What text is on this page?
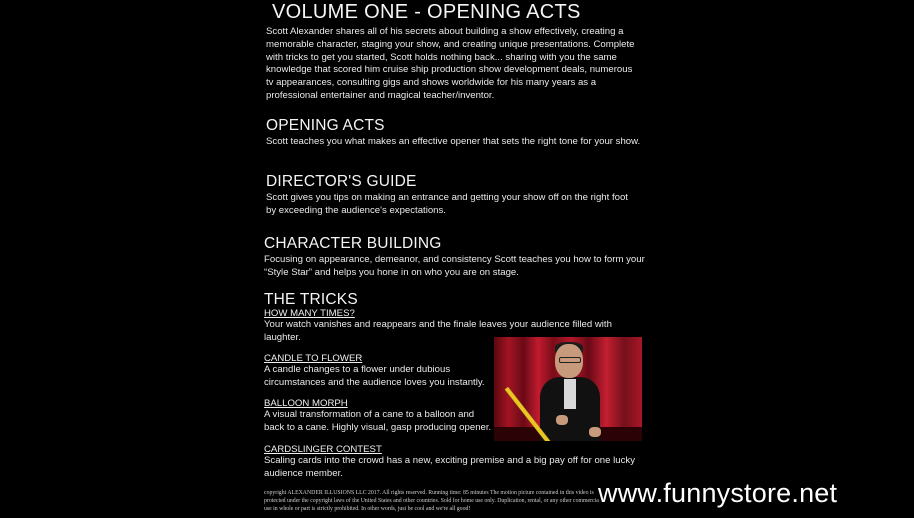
VOLUME ONE - OPENING ACTS
Scott Alexander shares all of his secrets about building a show effectively, creating a memorable character, staging your show, and creating unique presentations. Complete with tricks to get you started, Scott holds nothing back... sharing with you the same knowledge that scored him cruise ship production show development deals, numerous tv appearances, consulting gigs and shows worldwide for his many years as a professional entertainer and magical teacher/inventor.
OPENING ACTS
Scott teaches you what makes an effective opener that sets the right tone for your show.
DIRECTOR'S GUIDE
Scott gives you tips on making an entrance and getting your show off on the right foot by exceeding the audience's expectations.
CHARACTER BUILDING
Focusing on appearance, demeanor, and consistency Scott teaches you how to form your “Style Star” and helps you hone in on who you are on stage.
THE TRICKS
HOW MANY TIMES?
Your watch vanishes and reappears and the finale leaves your audience filled with laughter.
CANDLE TO FLOWER
A candle changes to a flower under dubious circumstances and the audience loves you instantly.
BALLOON MORPH
A visual transformation of a cane to a balloon and back to a cane. Highly visual, gasp producing opener.
CARDSLINGER CONTEST
Scaling cards into the crowd has a new, exciting premise and a big pay off for one lucky audience member.
copyright ALEXANDER ILLUSIONS LLC 2017. All rights reserved. Running time: 85 minutes The motion picture contained in this video is protected under the copyright laws of the United States and other countries. Sold for home use only. Duplication, rental, or any other commercial use in whole or part is strictly prohibited. In other words, just be cool and we're all good!
www.funnystore.net
